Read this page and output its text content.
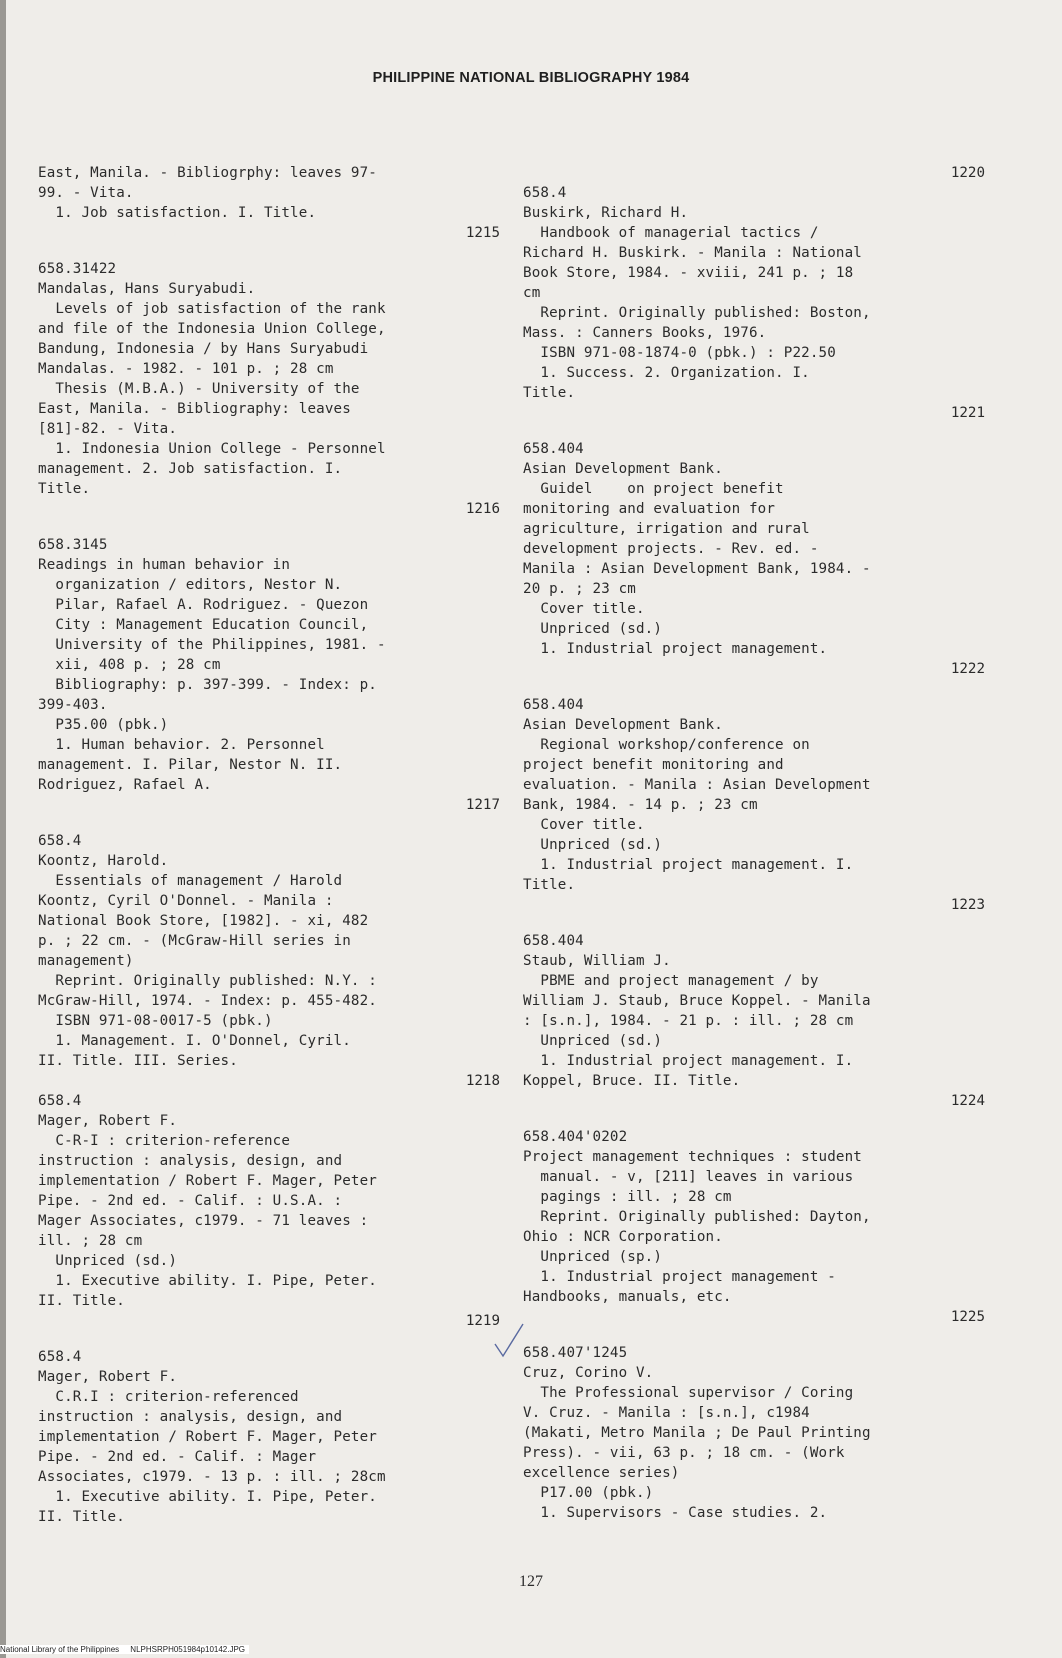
PHILIPPINE NATIONAL BIBLIOGRAPHY 1984
East, Manila. - Bibliogrphy: leaves 97-
99. - Vita.
1. Job satisfaction. I. Title.
1215
658.31422
Mandalas, Hans Suryabudi.
Levels of job satisfaction of the rank
and file of the Indonesia Union College,
Bandung, Indonesia / by Hans Suryabudi
Mandalas. - 1982. - 101 p. ; 28 cm
Thesis (M.B.A.) - University of the
East, Manila. - Bibliography: leaves
[81]-82. - Vita.
1. Indonesia Union College - Personnel
management. 2. Job satisfaction. I.
Title.
1216
658.3145
Readings in human behavior in
organization / editors, Nestor N.
Pilar, Rafael A. Rodriguez. - Quezon
City : Management Education Council,
University of the Philippines, 1981. -
xii, 408 p. ; 28 cm
Bibliography: p. 397-399. - Index: p.
399-403.
P35.00 (pbk.)
1. Human behavior. 2. Personnel
management. I. Pilar, Nestor N. II.
Rodriguez, Rafael A.
1217
658.4
Koontz, Harold.
Essentials of management / Harold
Koontz, Cyril O'Donnel. - Manila :
National Book Store, [1982]. - xi, 482
p. ; 22 cm. - (McGraw-Hill series in
management)
Reprint. Originally published: N.Y. :
McGraw-Hill, 1974. - Index: p. 455-482.
ISBN 971-08-0017-5 (pbk.)
1. Management. I. O'Donnel, Cyril.
II. Title. III. Series.
1218
658.4
Mager, Robert F.
C-R-I : criterion-reference
instruction : analysis, design, and
implementation / Robert F. Mager, Peter
Pipe. - 2nd ed. - Calif. : U.S.A. :
Mager Associates, c1979. - 71 leaves :
ill. ; 28 cm
Unpriced (sd.)
1. Executive ability. I. Pipe, Peter.
II. Title.
1219
658.4
Mager, Robert F.
C.R.I : criterion-referenced
instruction : analysis, design, and
implementation / Robert F. Mager, Peter
Pipe. - 2nd ed. - Calif. : Mager
Associates, c1979. - 13 p. : ill. ; 28cm
1. Executive ability. I. Pipe, Peter.
II. Title.
1220
658.4
Buskirk, Richard H.
Handbook of managerial tactics /
Richard H. Buskirk. - Manila : National
Book Store, 1984. - xviii, 241 p. ; 18
cm
Reprint. Originally published: Boston,
Mass. : Canners Books, 1976.
ISBN 971-08-1874-0 (pbk.) : P22.50
1. Success. 2. Organization. I.
Title.
1221
658.404
Asian Development Bank.
Guidel    on project benefit
monitoring and evaluation for
agriculture, irrigation and rural
development projects. - Rev. ed. -
Manila : Asian Development Bank, 1984. -
20 p. ; 23 cm
Cover title.
Unpriced (sd.)
1. Industrial project management.
1222
658.404
Asian Development Bank.
Regional workshop/conference on
project benefit monitoring and
evaluation. - Manila : Asian Development
Bank, 1984. - 14 p. ; 23 cm
Cover title.
Unpriced (sd.)
1. Industrial project management. I.
Title.
1223
658.404
Staub, William J.
PBME and project management / by
William J. Staub, Bruce Koppel. - Manila
: [s.n.], 1984. - 21 p. : ill. ; 28 cm
Unpriced (sd.)
1. Industrial project management. I.
Koppel, Bruce. II. Title.
1224
658.404'0202
Project management techniques : student
manual. - v, [211] leaves in various
pagings : ill. ; 28 cm
Reprint. Originally published: Dayton,
Ohio : NCR Corporation.
Unpriced (sp.)
1. Industrial project management -
Handbooks, manuals, etc.
1225
658.407'1245
Cruz, Corino V.
The Professional supervisor / Coring
V. Cruz. - Manila : [s.n.], c1984
(Makati, Metro Manila ; De Paul Printing
Press). - vii, 63 p. ; 18 cm. - (Work
excellence series)
P17.00 (pbk.)
1. Supervisors - Case studies. 2.
127
National Library of the Philippines     NLPHSRPH051984p10142.JPG
